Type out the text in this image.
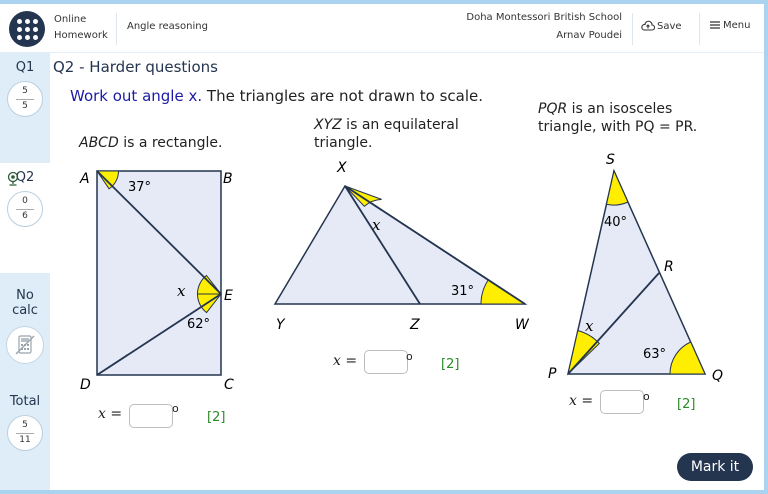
Online
Homework
Angle reasoning
Doha Montessori British School
Arnav Poudei
Save	Menu
Q1
5
5
Q2
0
6
No
calc
Total
5
11
Q2 - Harder questions
Work out angle x. The triangles are not drawn to scale.
ABCD is a rectangle.
XYZ is an equilateral
triangle.
PQR is an isosceles
triangle, with PQ = PR.
A	B
D	C
E
37°
62°
x
X
Y	Z	W
31°
x
S
R
P	Q
40°
63°
x
x =	o
[2]
x =	o
[2]
x =	o
[2]
Mark it
